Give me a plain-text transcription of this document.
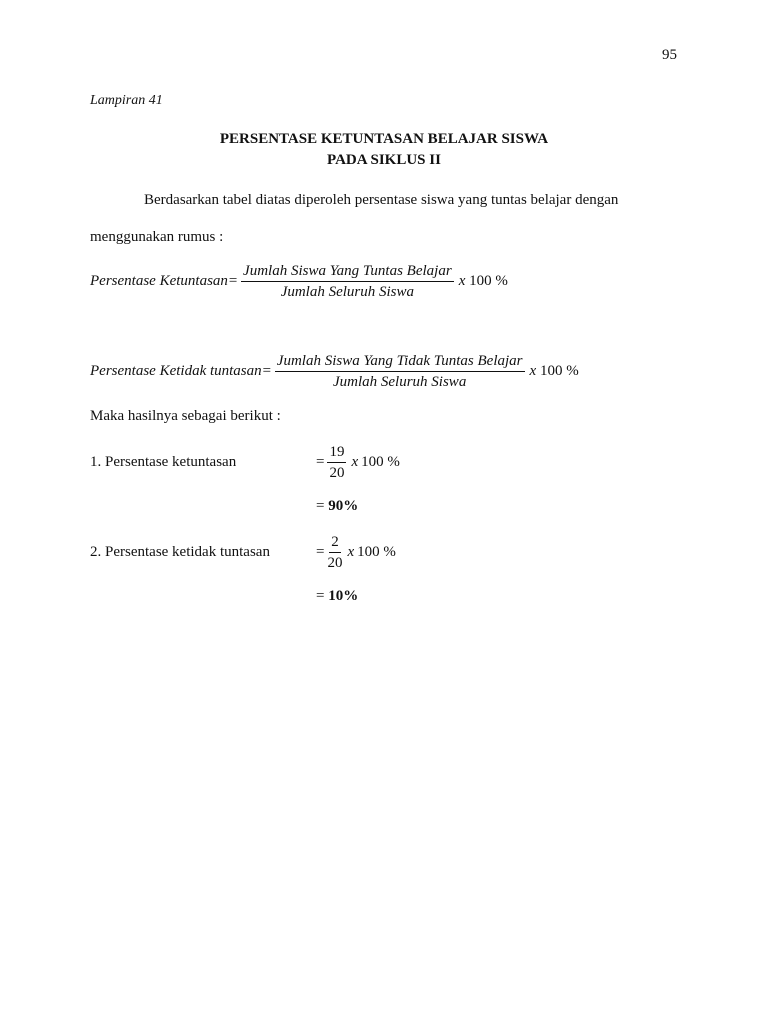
95
Lampiran 41
PERSENTASE KETUNTASAN BELAJAR SISWA
PADA SIKLUS II
Berdasarkan tabel diatas diperoleh persentase siswa yang tuntas belajar dengan
menggunakan rumus :
Persentase Ketuntasan = $\frac{\text{Jumlah Siswa Yang Tuntas Belajar}}{\text{Jumlah Seluruh Siswa}}$ x 100 %
Persentase Ketidak tuntasan = $\frac{\text{Jumlah Siswa Yang Tidak Tuntas Belajar}}{\text{Jumlah Seluruh Siswa}}$ x 100 %
Maka hasilnya sebagai berikut :
1. Persentase ketuntasan	= $\frac{19}{20}$ x 100 %
= 90%
2. Persentase ketidak tuntasan	= $\frac{2}{20}$ x 100 %
= 10%
